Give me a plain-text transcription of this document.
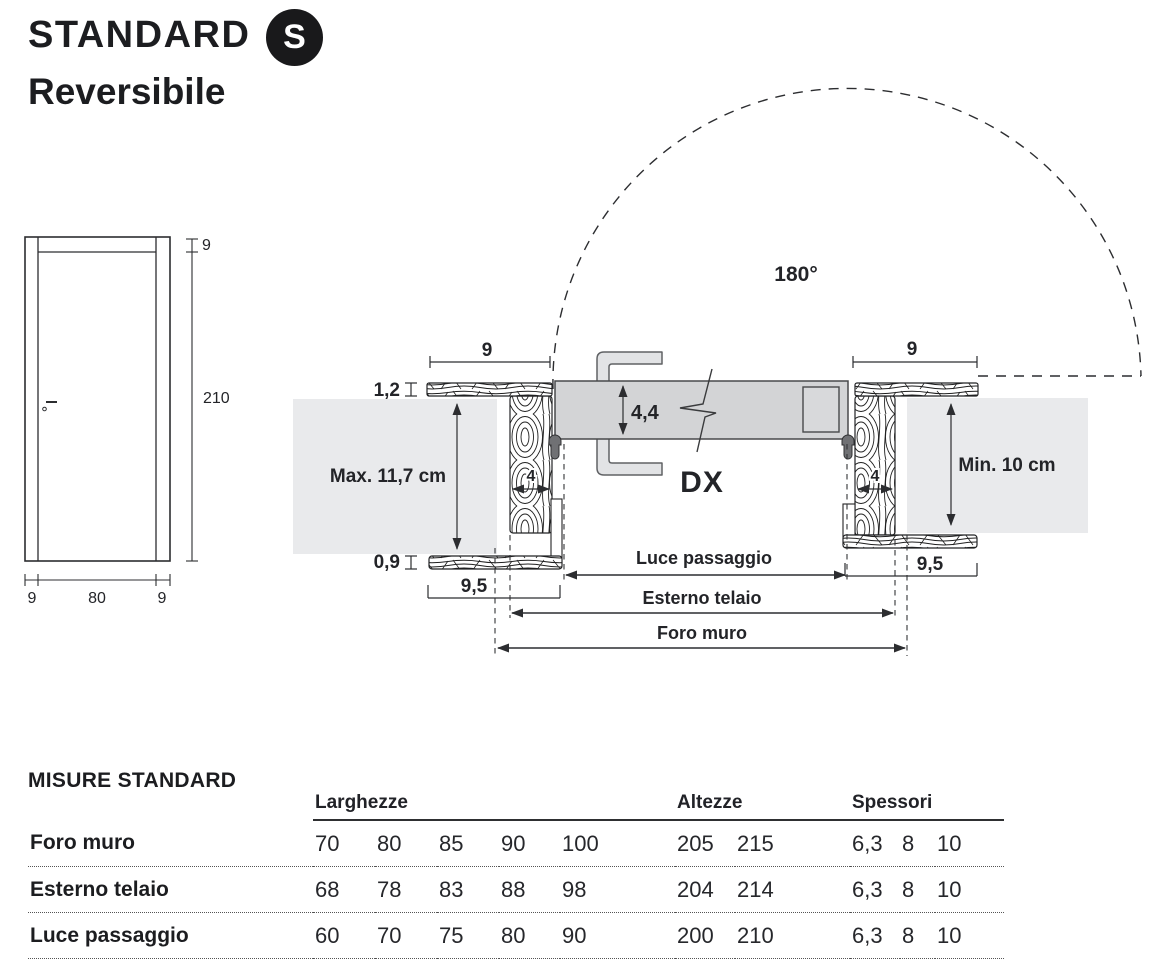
STANDARD S
Reversibile
9
210
9	80	9
180°
9	9
1,2
0,9
9,5
9,5
Max. 11,7 cm
Min. 10 cm
4,4
4	4
DX
Luce passaggio
Esterno telaio
Foro muro
MISURE STANDARD
	Larghezze					Altezze		Spessori		
Foro muro	70	80	85	90	100	205	215	6,3	8	10
Esterno telaio	68	78	83	88	98	204	214	6,3	8	10
Luce passaggio	60	70	75	80	90	200	210	6,3	8	10
